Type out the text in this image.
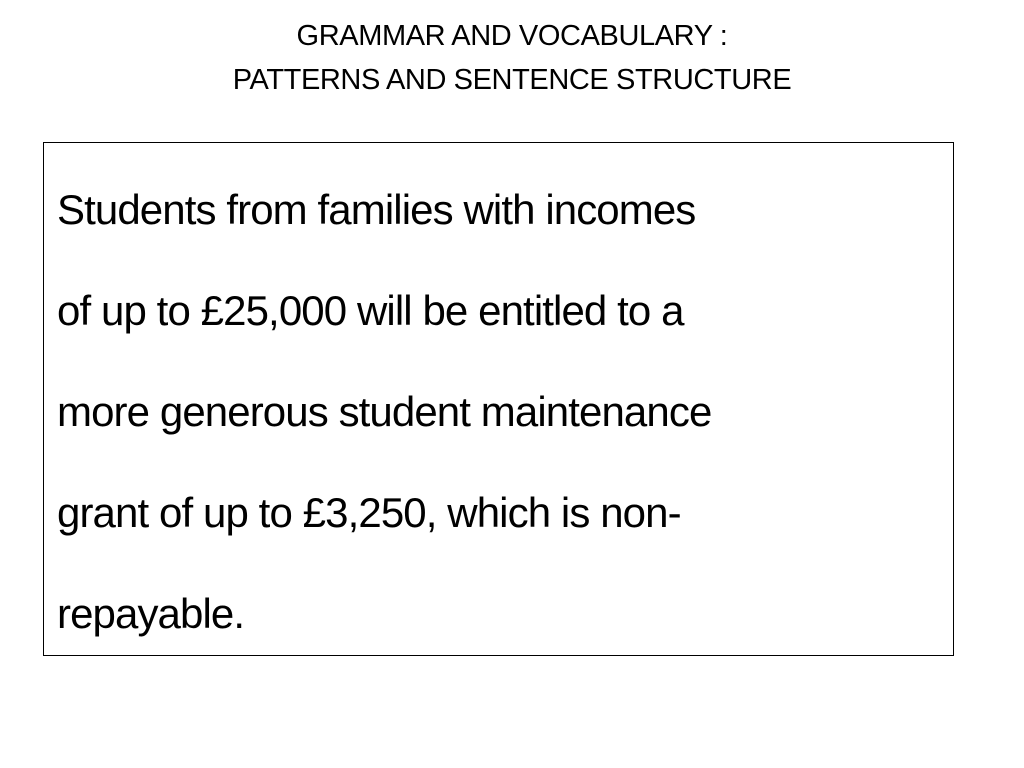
GRAMMAR AND VOCABULARY :
PATTERNS AND SENTENCE STRUCTURE

Students from families with incomes
of up to £25,000 will be entitled to a
more generous student maintenance
grant of up to £3,250, which is non-
repayable.
